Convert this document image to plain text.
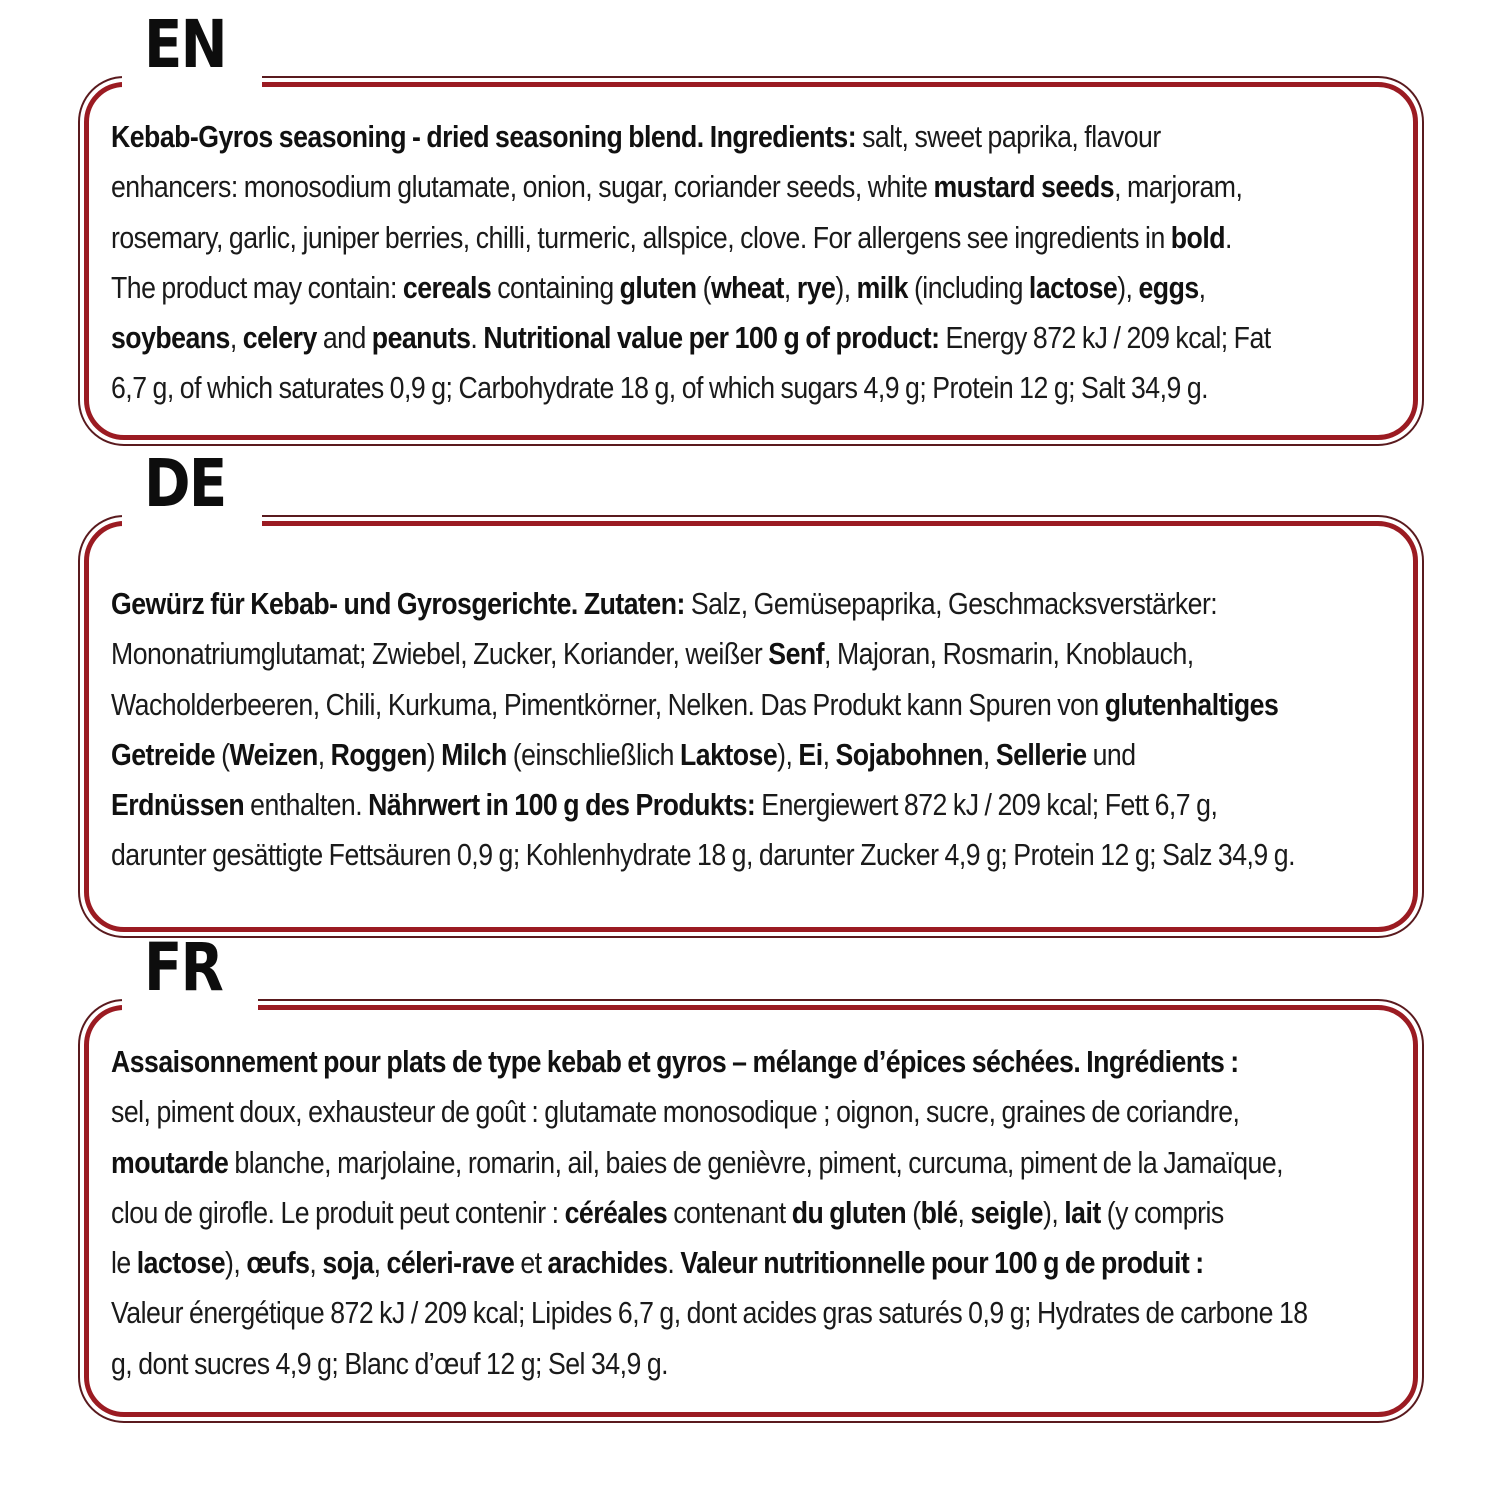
EN
Kebab-Gyros seasoning - dried seasoning blend. Ingredients: salt, sweet paprika, flavour
enhancers: monosodium glutamate, onion, sugar, coriander seeds, white mustard seeds, marjoram,
rosemary, garlic, juniper berries, chilli, turmeric, allspice, clove. For allergens see ingredients in bold.
The product may contain: cereals containing gluten (wheat, rye), milk (including lactose), eggs,
soybeans, celery and peanuts. Nutritional value per 100 g of product: Energy 872 kJ / 209 kcal; Fat
6,7 g, of which saturates 0,9 g; Carbohydrate 18 g, of which sugars 4,9 g; Protein 12 g; Salt 34,9 g.
DE
Gewürz für Kebab- und Gyrosgerichte. Zutaten: Salz, Gemüsepaprika, Geschmacksverstärker:
Mononatriumglutamat; Zwiebel, Zucker, Koriander, weißer Senf, Majoran, Rosmarin, Knoblauch,
Wacholderbeeren, Chili, Kurkuma, Pimentkörner, Nelken. Das Produkt kann Spuren von glutenhaltiges
Getreide (Weizen, Roggen) Milch (einschließlich Laktose), Ei, Sojabohnen, Sellerie und
Erdnüssen enthalten. Nährwert in 100 g des Produkts: Energiewert 872 kJ / 209 kcal; Fett 6,7 g,
darunter gesättigte Fettsäuren 0,9 g; Kohlenhydrate 18 g, darunter Zucker 4,9 g; Protein 12 g; Salz 34,9 g.
FR
Assaisonnement pour plats de type kebab et gyros – mélange d’épices séchées. Ingrédients :
sel, piment doux, exhausteur de goût : glutamate monosodique ; oignon, sucre, graines de coriandre,
moutarde blanche, marjolaine, romarin, ail, baies de genièvre, piment, curcuma, piment de la Jamaïque,
clou de girofle. Le produit peut contenir : céréales contenant du gluten (blé, seigle), lait (y compris
le lactose), œufs, soja, céleri-rave et arachides. Valeur nutritionnelle pour 100 g de produit :
Valeur énergétique 872 kJ / 209 kcal; Lipides 6,7 g, dont acides gras saturés 0,9 g; Hydrates de carbone 18
g, dont sucres 4,9 g; Blanc d’œuf 12 g; Sel 34,9 g.
